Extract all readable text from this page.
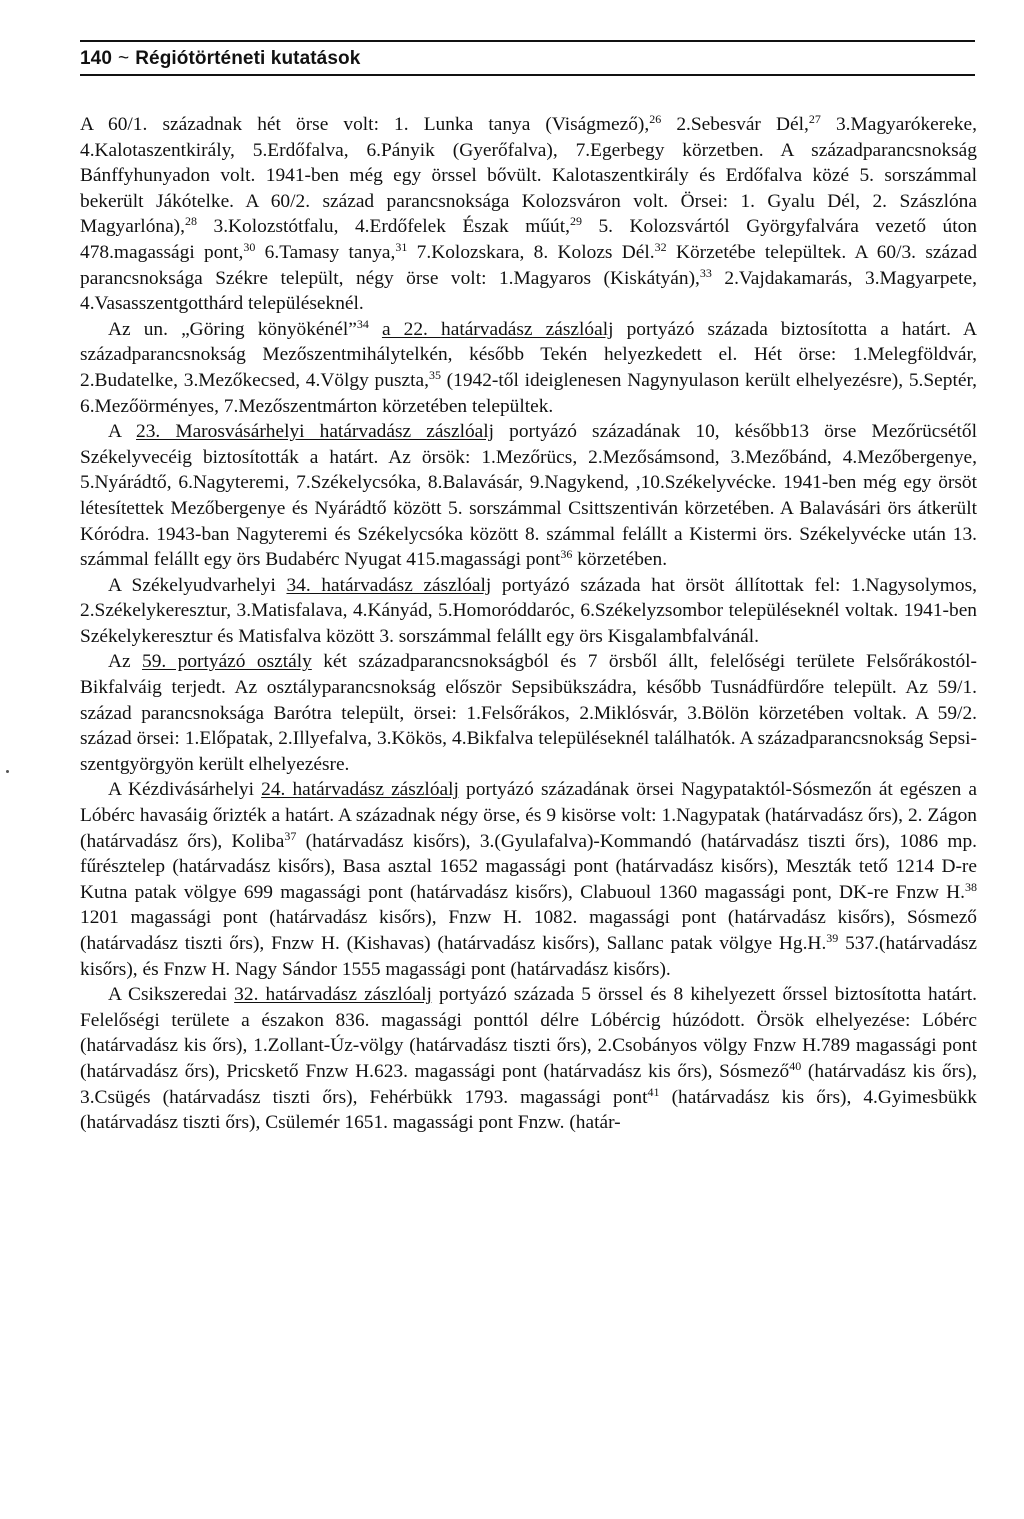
140 ~ Régiótörténeti kutatások

A 60/1. századnak hét örse volt: 1. Lunka tanya (Viságmező),$^{26}$ 2.Sebesvár Dél,$^{27}$ 3.Magyarókereke, 4.Kalotaszentkirály, 5.Erdőfalva, 6.Pányik (Gyerőfalva), 7.Egerbegy körzetben. A századparancsnokság Bánffyhunyadon volt. 1941-ben még egy örssel bővült. Kalotaszentkirály és Erdőfalva közé 5. sorszámmal bekerült Jákótelke. A 60/2. század parancsnoksága Kolozsváron volt. Örsei: 1. Gyalu Dél, 2. Szászlóna Magyarlóna),$^{28}$ 3.Kolozstótfalu, 4.Erdőfelek Észak műút,$^{29}$ 5. Kolozsvártól Györgyfalvára vezető úton 478.magassági pont,$^{30}$ 6.Tamasy tanya,$^{31}$ 7.Kolozskara, 8. Kolozs Dél.$^{32}$ Körzetébe települtek. A 60/3. század parancsnoksága Székre települt, négy örse volt: 1.Magyaros (Kiskátyán),$^{33}$ 2.Vajdakamarás, 3.Magyarpete, 4.Vasasszentgotthárd településeknél.

Az un. „Göring könyökénél”$^{34}$ a 22. határvadász zászlóalj portyázó százada biztosította a határt. A századparancsnokság Mezőszentmihálytelkén, később Tekén helyezkedett el. Hét örse: 1.Melegföldvár, 2.Budatelke, 3.Mezőkecsed, 4.Völgy puszta,$^{35}$ (1942-től ideiglenesen Nagynyulason került elhelyezésre), 5.Septér, 6.Mezőörményes, 7.Mezőszentmárton körzetében települtek.

A 23. Marosvásárhelyi határvadász zászlóalj portyázó századának 10, később13 örse Mezőrücsétől Székelyvecéig biztosították a határt. Az örsök: 1.Mezőrücs, 2.Mezősámsond, 3.Mezőbánd, 4.Mezőbergenye, 5.Nyárádtő, 6.Nagyteremi, 7.Székelycsóka, 8.Balavásár, 9.Nagykend, ,10.Székelyvécke. 1941-ben még egy örsöt létesítettek Mezőbergenye és Nyárádtő között 5. sorszámmal Csittszentiván körzetében. A Balavásári örs átkerült Kóródra. 1943-ban Nagyteremi és Székelycsóka között 8. számmal felállt a Kistermi örs. Székelyvécke után 13. számmal felállt egy örs Budabérc Nyugat 415.magassági pont$^{36}$ körzetében.

A Székelyudvarhelyi 34. határvadász zászlóalj portyázó százada hat örsöt állítottak fel: 1.Nagysolymos, 2.Székelykeresztur, 3.Matisfalava, 4.Kányád, 5.Homoróddaróc, 6.Székelyzsombor településeknél voltak. 1941-ben Székelykeresztur és Matisfalva között 3. sorszámmal felállt egy örs Kisgalambfalvánál.

Az 59. portyázó osztály két századparancsnokságból és 7 örsből állt, felelőségi területe Felsőrákostól-Bikfalváig terjedt. Az osztályparancsnokság először Sepsibükszádra, később Tusnádfürdőre települt. Az 59/1. század parancsnoksága Barótra települt, örsei: 1.Felsőrákos, 2.Miklósvár, 3.Bölön körzetében voltak. A 59/2. század örsei: 1.Előpatak, 2.Illyefalva, 3.Kökös, 4.Bikfalva településeknél találhatók. A századparancsnokság Sepsiszentgyörgyön került elhelyezésre.

A Kézdivásárhelyi 24. határvadász zászlóalj portyázó századának örsei Nagypataktól-Sósmezőn át egészen a Lóbérc havasáig őrizték a határt. A századnak négy örse, és 9 kisörse volt: 1.Nagypatak (határvadász őrs), 2. Zágon (határvadász őrs), Koliba$^{37}$ (határvadász kisőrs), 3.(Gyulafalva)-Kommandó (határvadász tiszti őrs), 1086 mp. fűrésztelep (határvadász kisőrs), Basa asztal 1652 magassági pont (határvadász kisőrs), Meszták tető 1214 D-re Kutna patak völgye 699 magassági pont (határvadász kisőrs), Clabuoul 1360 magassági pont, DK-re Fnzw H.$^{38}$ 1201 magassági pont (határvadász kisőrs), Fnzw H. 1082. magassági pont (határvadász kisőrs), Sósmező (határvadász tiszti őrs), Fnzw H. (Kishavas) (határvadász kisőrs), Sallanc patak völgye Hg.H.$^{39}$ 537.(határvadász kisőrs), és Fnzw H. Nagy Sándor 1555 magassági pont (határvadász kisőrs).

A Csikszeredai 32. határvadász zászlóalj portyázó százada 5 örssel és 8 kihelyezett őrssel biztosította határt. Felelőségi területe a északon 836. magassági ponttól délre Lóbércig húzódott. Örsök elhelyezése: Lóbérc (határvadász kis őrs), 1.Zollant-Úz-völgy (határvadász tiszti őrs), 2.Csobányos völgy Fnzw H.789 magassági pont (határvadász őrs), Pricskető Fnzw H.623. magassági pont (határvadász kis őrs), Sósmező$^{40}$ (határvadász kis őrs), 3.Csügés (határvadász tiszti őrs), Fehérbükk 1793. magassági pont$^{41}$ (határvadász kis őrs), 4.Gyimesbükk (határvadász tiszti őrs), Csülemér 1651. magassági pont Fnzw. (határ-
